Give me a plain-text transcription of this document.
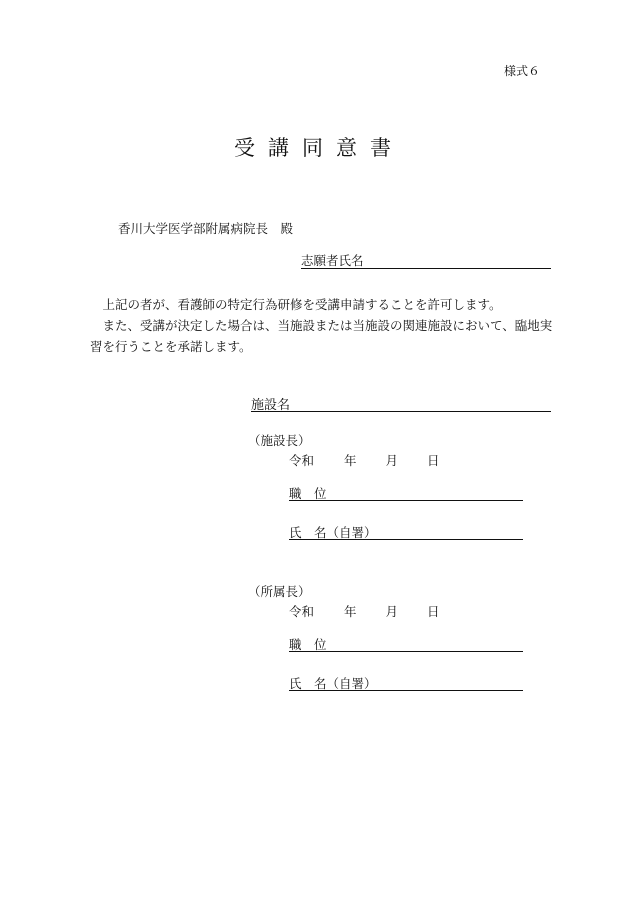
様式６
受講同意書
香川大学医学部附属病院長　殿
志願者氏名

上記の者が、看護師の特定行為研修を受講申請することを許可します。

また、受講が決定した場合は、当施設または当施設の関連施設において、臨地実習を行うことを承諾します。

施設名
（施設長）
令和 年 月 日
職　位
氏　名（自署）
（所属長）
令和 年 月 日
職　位
氏　名（自署）
